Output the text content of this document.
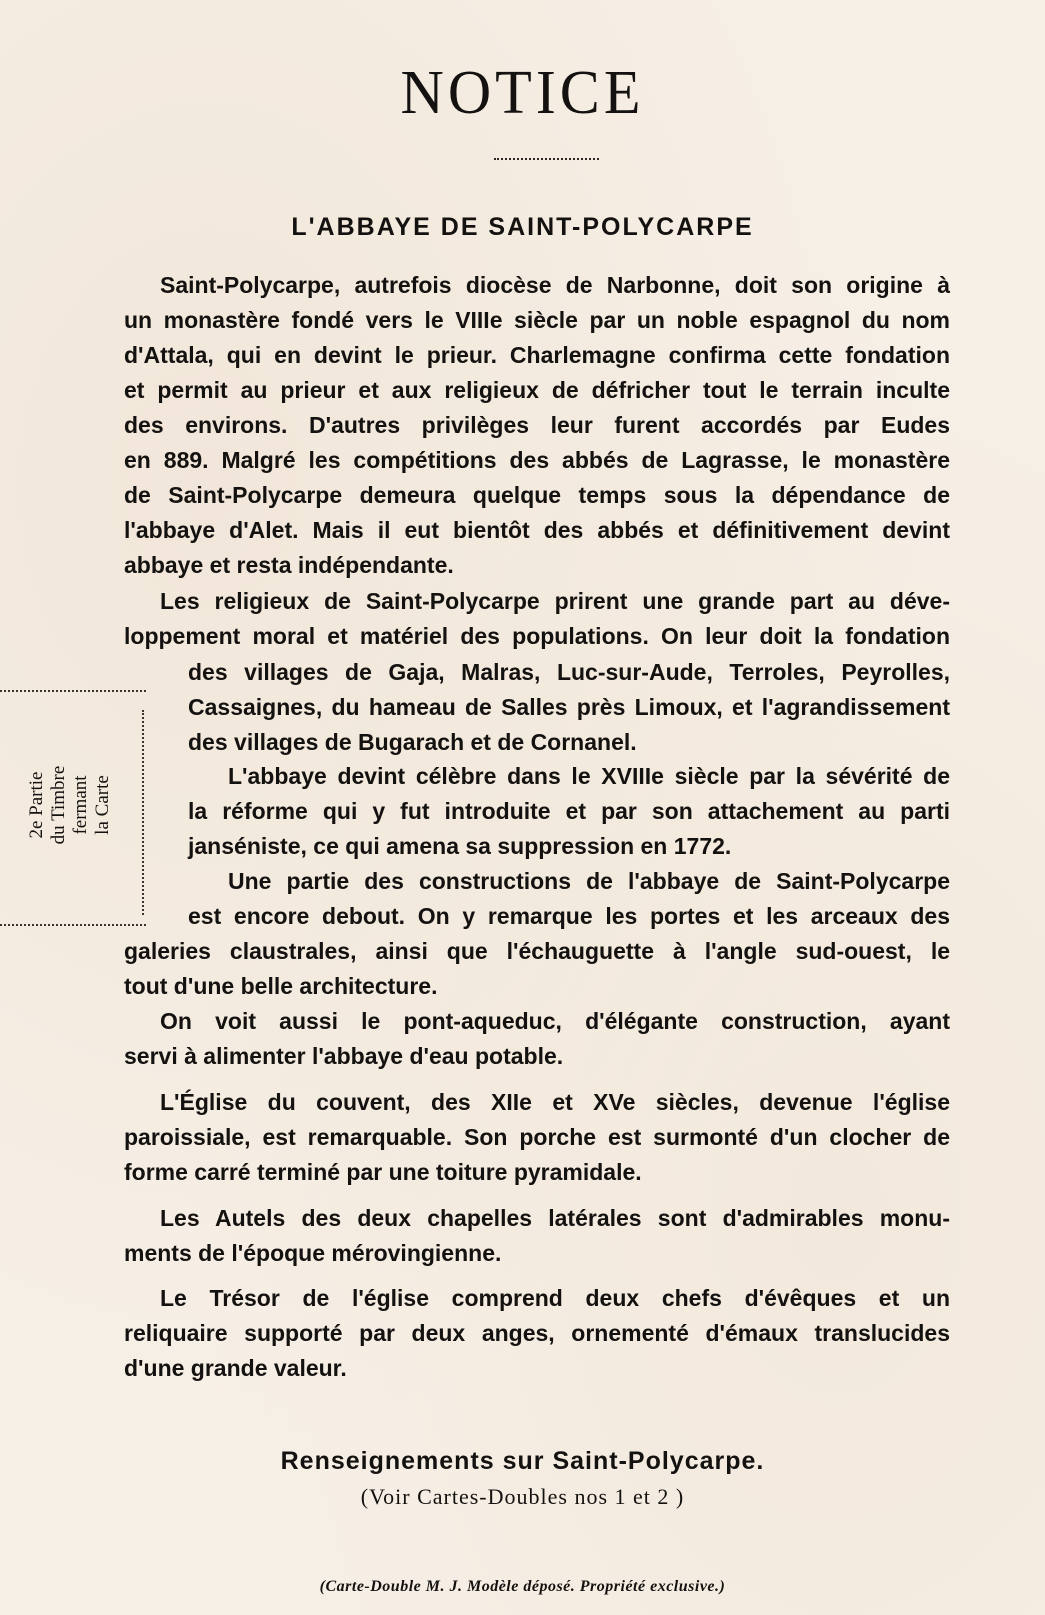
NOTICE
L'ABBAYE DE SAINT-POLYCARPE
Saint-Polycarpe, autrefois diocèse de Narbonne, doit son origine à
un monastère fondé vers le VIIIe siècle par un noble espagnol du nom
d'Attala, qui en devint le prieur. Charlemagne confirma cette fondation
et permit au prieur et aux religieux de défricher tout le terrain inculte
des environs. D'autres privilèges leur furent accordés par Eudes
en 889. Malgré les compétitions des abbés de Lagrasse, le monastère
de Saint-Polycarpe demeura quelque temps sous la dépendance de
l'abbaye d'Alet. Mais il eut bientôt des abbés et définitivement devint
abbaye et resta indépendante.
Les religieux de Saint-Polycarpe prirent une grande part au déve-
loppement moral et matériel des populations. On leur doit la fondation
des villages de Gaja, Malras, Luc-sur-Aude, Terroles, Peyrolles,
Cassaignes, du hameau de Salles près Limoux, et l'agrandissement
des villages de Bugarach et de Cornanel.
L'abbaye devint célèbre dans le XVIIIe siècle par la sévérité de
la réforme qui y fut introduite et par son attachement au parti
janséniste, ce qui amena sa suppression en 1772.
Une partie des constructions de l'abbaye de Saint-Polycarpe
est encore debout. On y remarque les portes et les arceaux des
galeries claustrales, ainsi que l'échauguette à l'angle sud-ouest, le
tout d'une belle architecture.
On voit aussi le pont-aqueduc, d'élégante construction, ayant
servi à alimenter l'abbaye d'eau potable.
L'Église du couvent, des XIIe et XVe siècles, devenue l'église
paroissiale, est remarquable. Son porche est surmonté d'un clocher de
forme carré terminé par une toiture pyramidale.
Les Autels des deux chapelles latérales sont d'admirables monu-
ments de l'époque mérovingienne.
Le Trésor de l'église comprend deux chefs d'évêques et un
reliquaire supporté par deux anges, ornementé d'émaux translucides
d'une grande valeur.
2e Partie du Timbre fermant la Carte
Renseignements sur Saint-Polycarpe.
(Voir Cartes-Doubles nos 1 et 2 )
(Carte-Double M. J. Modèle déposé. Propriété exclusive.)
